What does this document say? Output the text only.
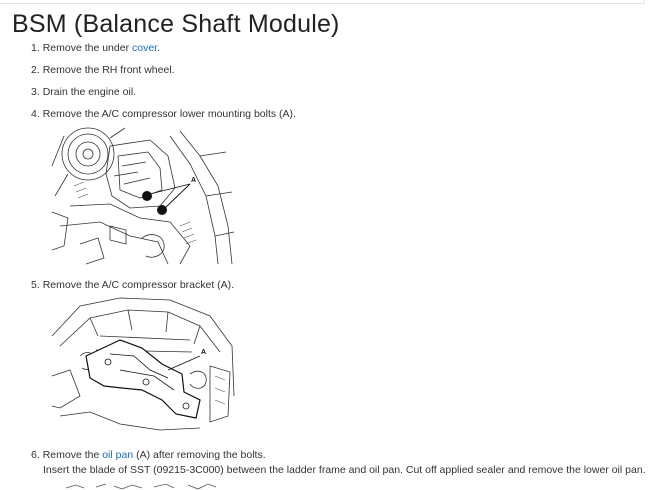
BSM (Balance Shaft Module)
1. Remove the under cover.
2. Remove the RH front wheel.
3. Drain the engine oil.
4. Remove the A/C compressor lower mounting bolts (A).
A
5. Remove the A/C compressor bracket (A).
A
6. Remove the oil pan (A) after removing the bolts.
Insert the blade of SST (09215-3C000) between the ladder frame and oil pan. Cut off applied sealer and remove the lower oil pan.
